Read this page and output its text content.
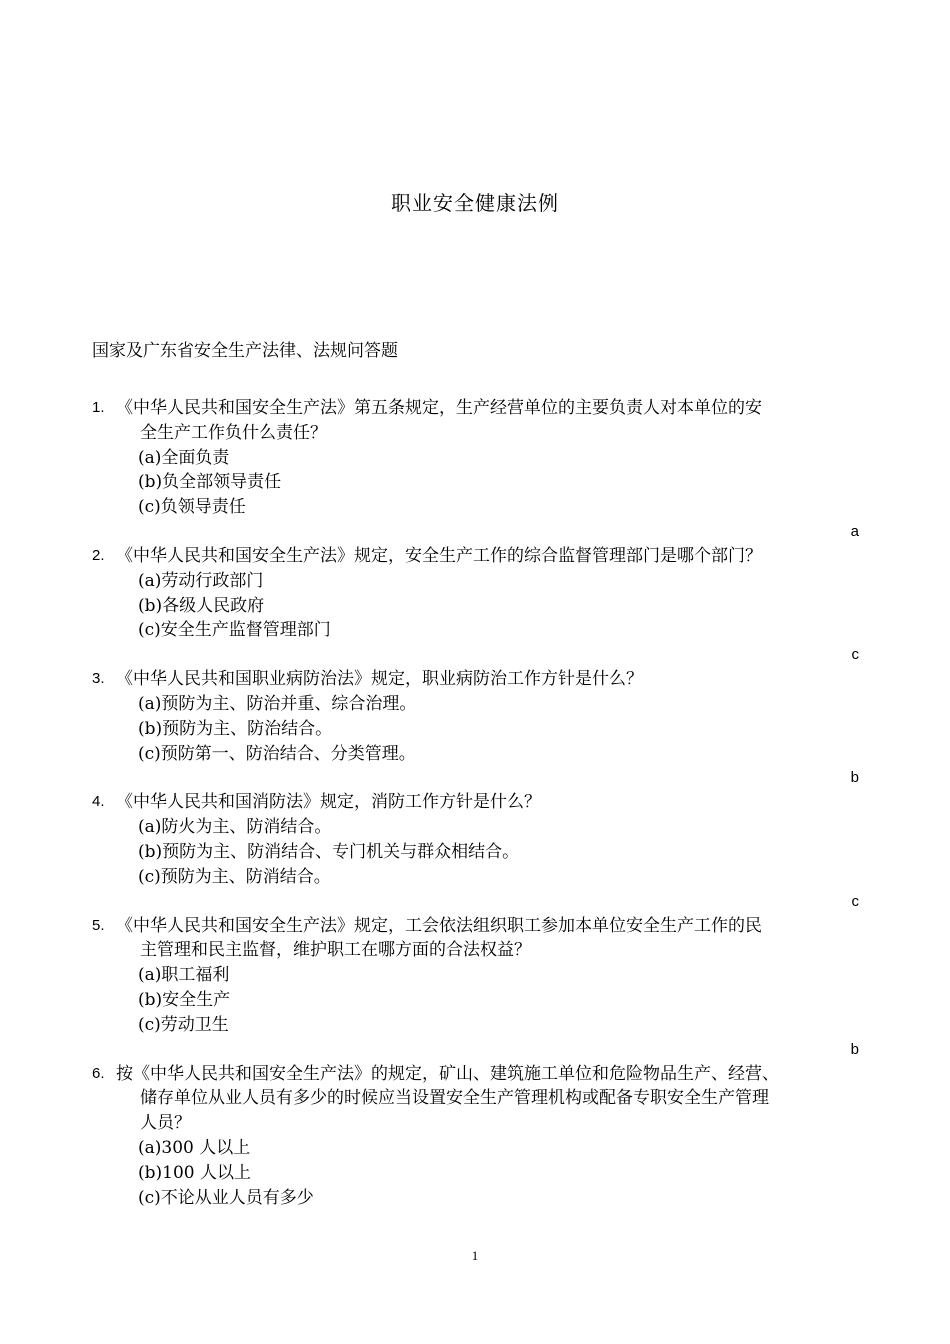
职业安全健康法例
国家及广东省安全生产法律、法规问答题
1. 《中华人民共和国安全生产法》第五条规定，生产经营单位的主要负责人对本单位的安
全生产工作负什么责任？
(a)全面负责
(b)负全部领导责任
(c)负领导责任
a
2. 《中华人民共和国安全生产法》规定，安全生产工作的综合监督管理部门是哪个部门？
(a)劳动行政部门
(b)各级人民政府
(c)安全生产监督管理部门
c
3. 《中华人民共和国职业病防治法》规定，职业病防治工作方针是什么？
(a)预防为主、防治并重、综合治理。
(b)预防为主、防治结合。
(c)预防第一、防治结合、分类管理。
b
4. 《中华人民共和国消防法》规定，消防工作方针是什么？
(a)防火为主、防消结合。
(b)预防为主、防消结合、专门机关与群众相结合。
(c)预防为主、防消结合。
c
5. 《中华人民共和国安全生产法》规定，工会依法组织职工参加本单位安全生产工作的民
主管理和民主监督，维护职工在哪方面的合法权益？
(a)职工福利
(b)安全生产
(c)劳动卫生
b
6. 按《中华人民共和国安全生产法》的规定，矿山、建筑施工单位和危险物品生产、经营、
储存单位从业人员有多少的时候应当设置安全生产管理机构或配备专职安全生产管理
人员？
(a)300 人以上
(b)100 人以上
(c)不论从业人员有多少
1
